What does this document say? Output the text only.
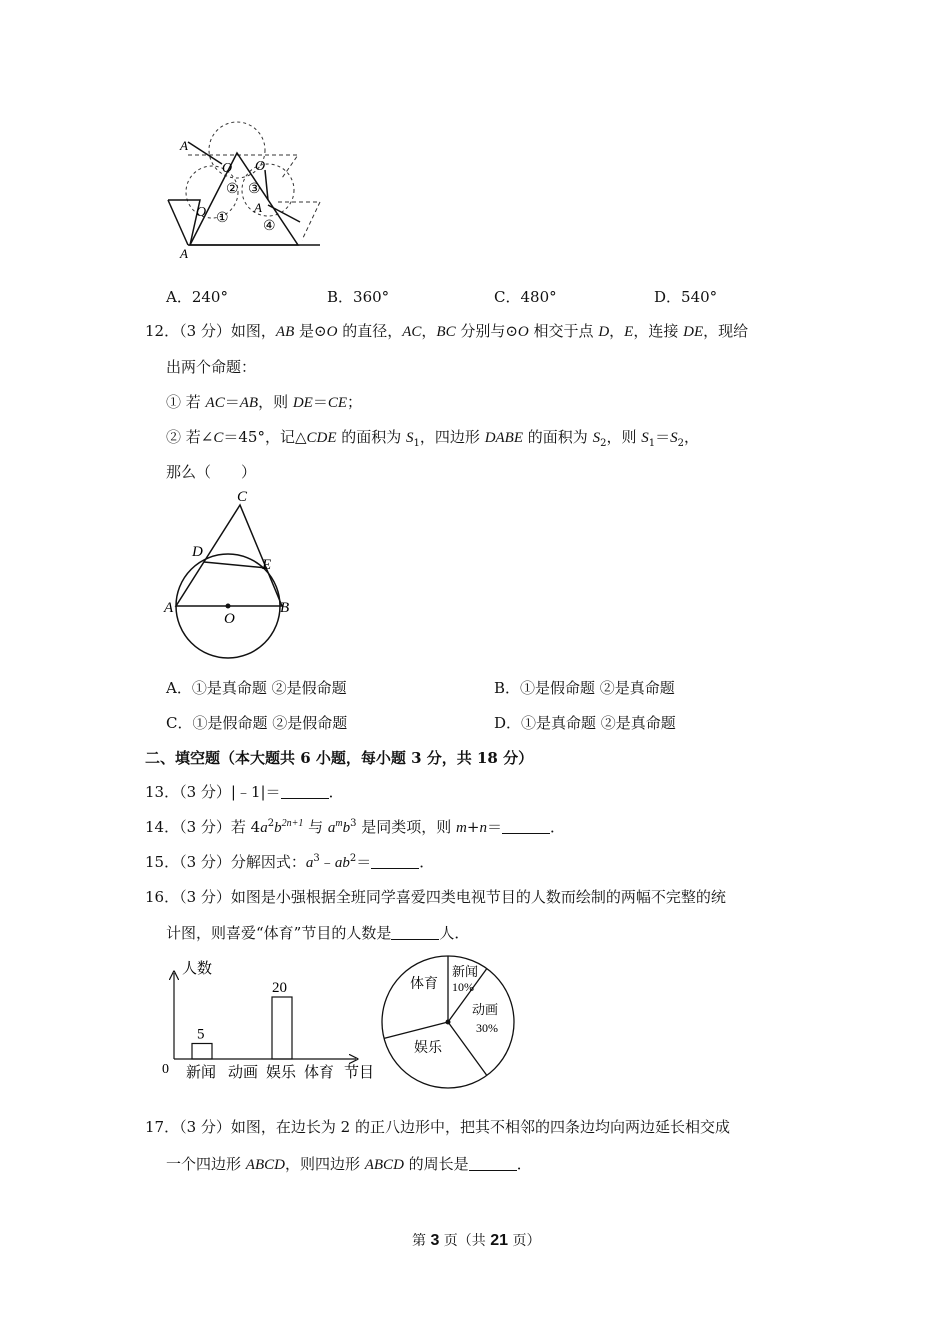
A
A
A
O O
O
② ③
①
④
A．240°	B．360°	C．480°	D．540°
12．（3 分）如图，AB 是⊙O 的直径，AC，BC 分别与⊙O 相交于点 D，E，连接 DE，现给
出两个命题：
① 若 AC＝AB，则 DE＝CE；
② 若∠C＝45°，记△CDE 的面积为 $S_1$，四边形 DABE 的面积为 $S_2$，则 $S_1=S_2$，
那么（　　）
C
D
E
A	B
O
A．①是真命题 ②是假命题	B．①是假命题 ②是真命题
C．①是假命题 ②是假命题	D．①是真命题 ②是真命题
二、填空题（本大题共 6 小题，每小题 3 分，共 18 分）
13．（3 分）|﹣1|＝	．
14．（3 分）若 $4a^2b^{2n+1}$ 与 $a^mb^3$ 是同类项，则 m+n＝	．
15．（3 分）分解因式：$a^3﹣ab^2=$	．
16．（3 分）如图是小强根据全班同学喜爱四类电视节目的人数而绘制的两幅不完整的统
计图，则喜爱“体育”节目的人数是	人．
人数
节目
0
5
20
新闻 动画 娱乐 体育
新闻
10%
动画
30%
娱乐
体育
17．（3 分）如图，在边长为 2 的正八边形中，把其不相邻的四条边均向两边延长相交成
一个四边形 ABCD，则四边形 ABCD 的周长是	．
第 3 页（共 21 页）
